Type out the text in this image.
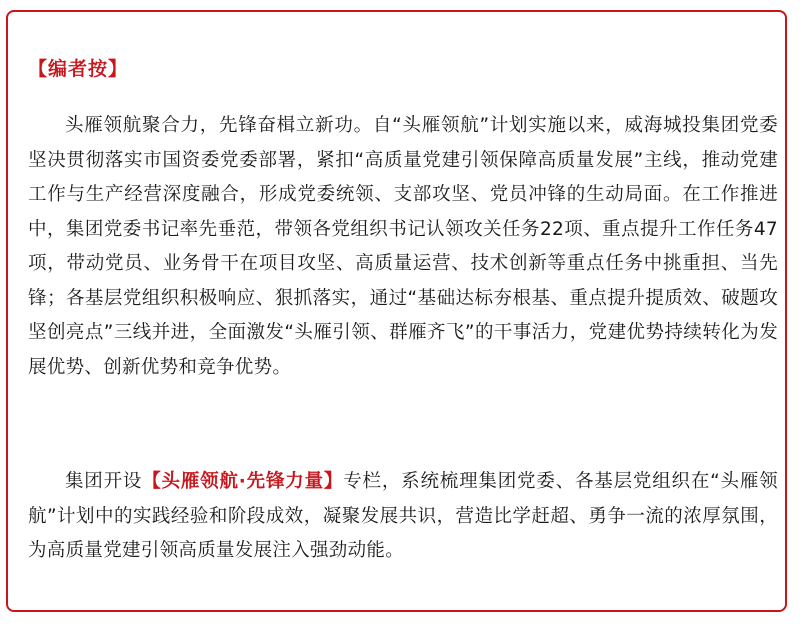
【编者按】

头雁领航聚合力，先锋奋楫立新功。自“头雁领航”计划实施以来，威海城投集团党委坚决贯彻落实市国资委党委部署，紧扣“高质量党建引领保障高质量发展”主线，推动党建工作与生产经营深度融合，形成党委统领、支部攻坚、党员冲锋的生动局面。在工作推进中，集团党委书记率先垂范，带领各党组织书记认领攻关任务22项、重点提升工作任务47项，带动党员、业务骨干在项目攻坚、高质量运营、技术创新等重点任务中挑重担、当先锋；各基层党组织积极响应、狠抓落实，通过“基础达标夯根基、重点提升提质效、破题攻坚创亮点”三线并进，全面激发“头雁引领、群雁齐飞”的干事活力，党建优势持续转化为发展优势、创新优势和竞争优势。

集团开设【头雁领航·先锋力量】专栏，系统梳理集团党委、各基层党组织在“头雁领航”计划中的实践经验和阶段成效，凝聚发展共识，营造比学赶超、勇争一流的浓厚氛围，为高质量党建引领高质量发展注入强劲动能。
